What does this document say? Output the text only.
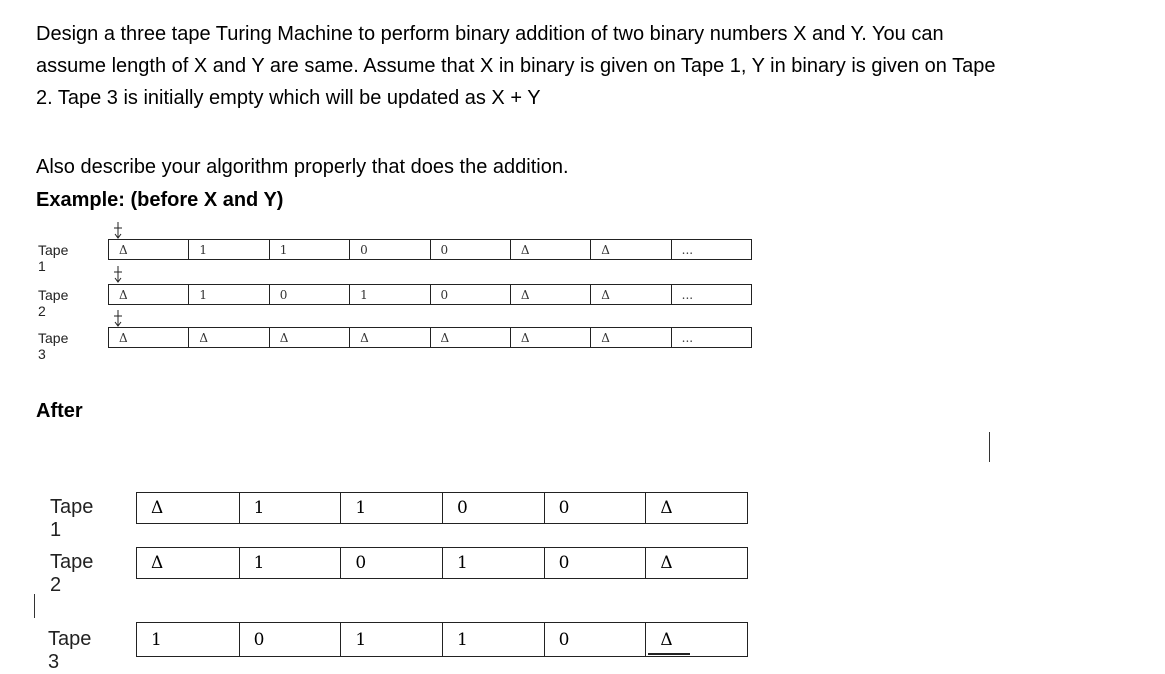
Design a three tape Turing Machine to perform binary addition of two binary numbers X and Y. You can assume length of X and Y are same. Assume that X in binary is given on Tape 1, Y in binary is given on Tape 2. Tape 3 is initially empty which will be updated as X + Y

Also describe your algorithm properly that does the addition.

Example: (before X and Y)

Tape 1
Δ	1	1	0	0	Δ	Δ	...
Tape 2
Δ	1	0	1	0	Δ	Δ	...
Tape 3
Δ	Δ	Δ	Δ	Δ	Δ	Δ	...
After
Tape 1
Δ	1	1	0	0	Δ
Tape 2
Δ	1	0	1	0	Δ
Tape 3
1	0	1	1	0	Δ
